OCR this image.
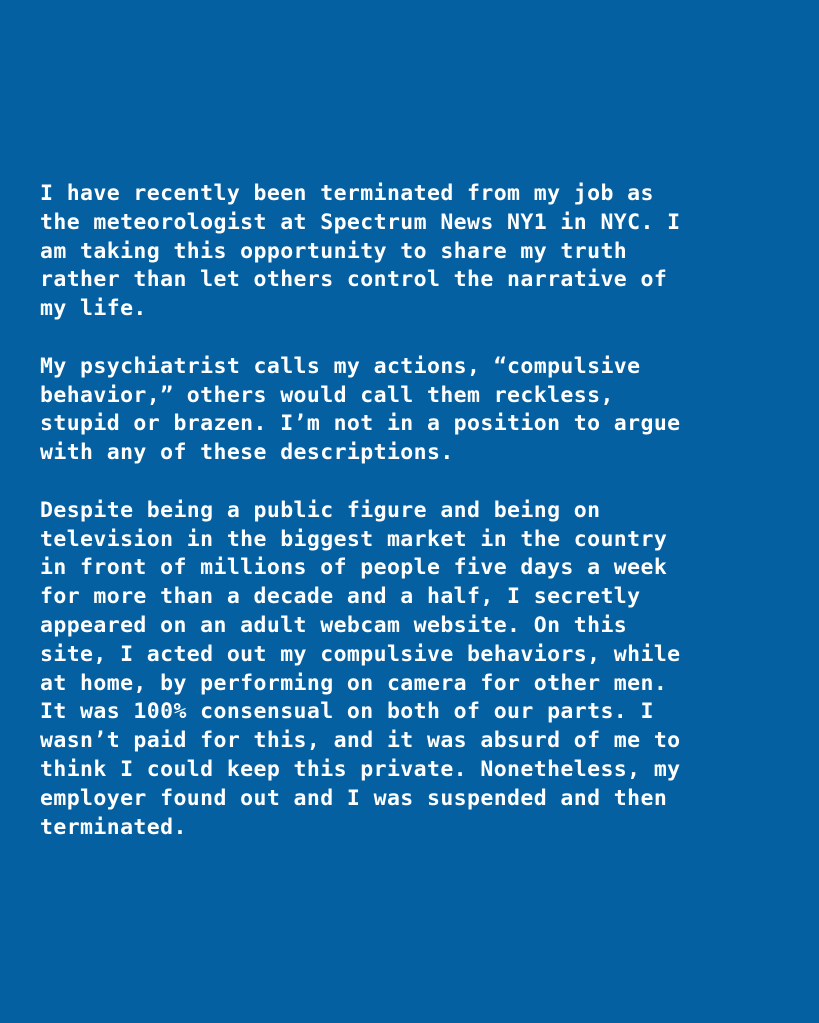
I have recently been terminated from my job as
the meteorologist at Spectrum News NY1 in NYC. I
am taking this opportunity to share my truth
rather than let others control the narrative of
my life.

My psychiatrist calls my actions, “compulsive
behavior,” others would call them reckless,
stupid or brazen. I’m not in a position to argue
with any of these descriptions.

Despite being a public figure and being on
television in the biggest market in the country
in front of millions of people five days a week
for more than a decade and a half, I secretly
appeared on an adult webcam website. On this
site, I acted out my compulsive behaviors, while
at home, by performing on camera for other men.
It was 100% consensual on both of our parts. I
wasn’t paid for this, and it was absurd of me to
think I could keep this private. Nonetheless, my
employer found out and I was suspended and then
terminated.
